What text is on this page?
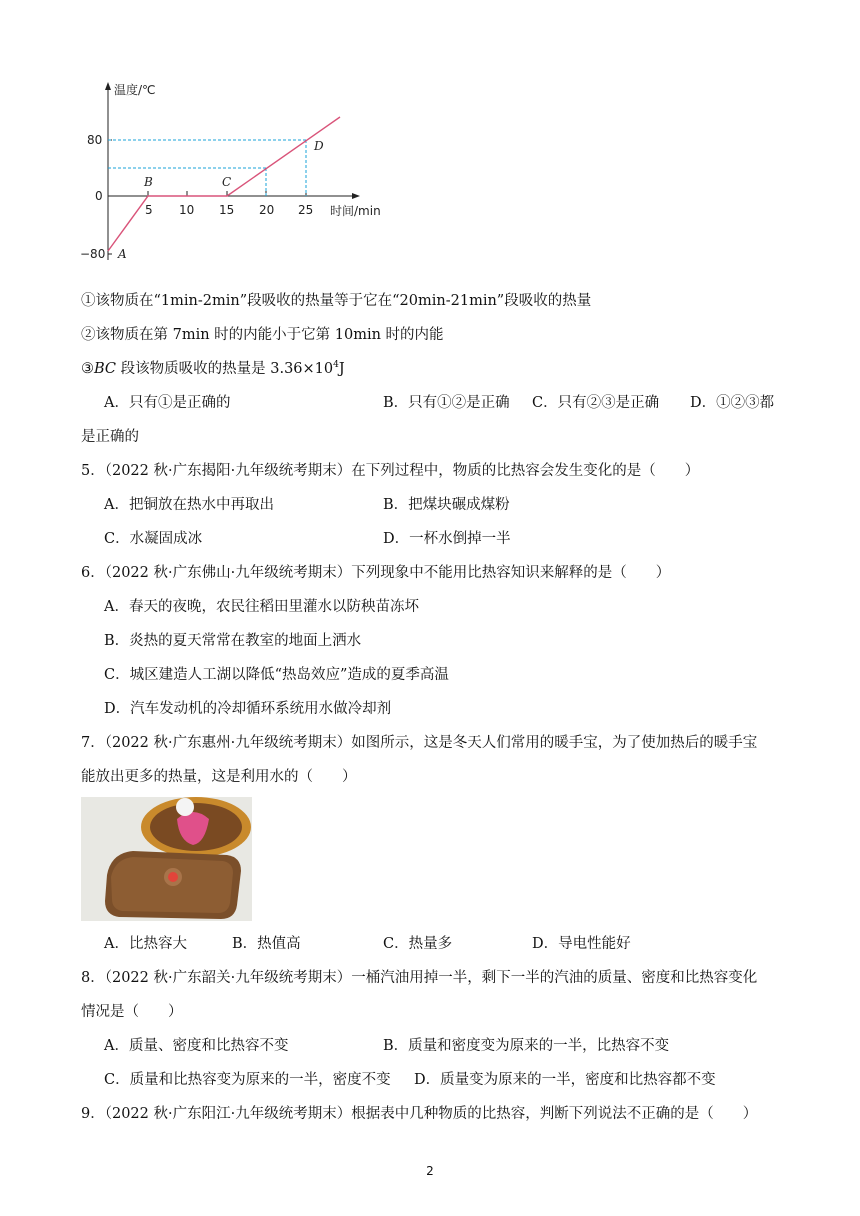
温度/℃
时间/min
80
0
−80
5 10 15 20 25
A
B	C
D
①该物质在“1min-2min”段吸收的热量等于它在“20min-21min”段吸收的热量
②该物质在第 7min 时的内能小于它第 10min 时的内能
③BC 段该物质吸收的热量是 $3.36\times 10^4J$
A．只有①是正确的	B．只有①②是正确 C．只有②③是正确 D．①②③都
是正确的
5．（2022 秋·广东揭阳·九年级统考期末）在下列过程中，物质的比热容会发生变化的是（　　）
A．把铜放在热水中再取出	B．把煤块碾成煤粉
C．水凝固成冰	D．一杯水倒掉一半
6．（2022 秋·广东佛山·九年级统考期末）下列现象中不能用比热容知识来解释的是（　　）
A．春天的夜晚，农民往稻田里灌水以防秧苗冻坏
B．炎热的夏天常常在教室的地面上洒水
C．城区建造人工湖以降低“热岛效应”造成的夏季高温
D．汽车发动机的冷却循环系统用水做冷却剂
7．（2022 秋·广东惠州·九年级统考期末）如图所示，这是冬天人们常用的暖手宝，为了使加热后的暖手宝
能放出更多的热量，这是利用水的（　　）
A．比热容大	B．热值高	C．热量多	D．导电性能好
8．（2022 秋·广东韶关·九年级统考期末）一桶汽油用掉一半，剩下一半的汽油的质量、密度和比热容变化
情况是（　　）
A．质量、密度和比热容不变	B．质量和密度变为原来的一半，比热容不变
C．质量和比热容变为原来的一半，密度不变 D．质量变为原来的一半，密度和比热容都不变
9．（2022 秋·广东阳江·九年级统考期末）根据表中几种物质的比热容，判断下列说法不正确的是（　　）
2
